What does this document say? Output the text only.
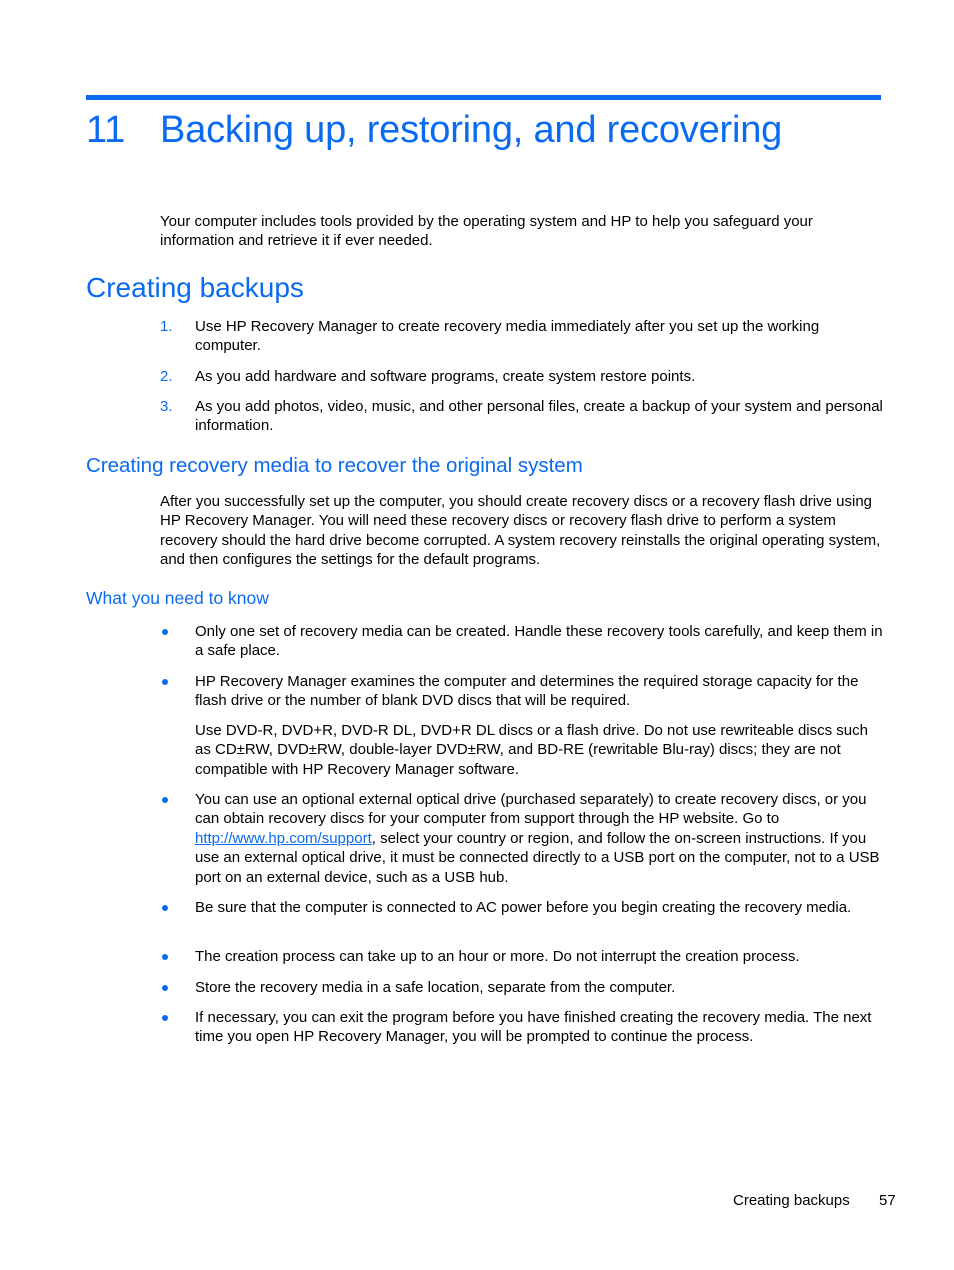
11 Backing up, restoring, and recovering

Your computer includes tools provided by the operating system and HP to help you safeguard your information and retrieve it if ever needed.

Creating backups
1. Use HP Recovery Manager to create recovery media immediately after you set up the working computer.

2. As you add hardware and software programs, create system restore points.

3. As you add photos, video, music, and other personal files, create a backup of your system and personal information.

Creating recovery media to recover the original system

After you successfully set up the computer, you should create recovery discs or a recovery flash drive using HP Recovery Manager. You will need these recovery discs or recovery flash drive to perform a system recovery should the hard drive become corrupted. A system recovery reinstalls the original operating system, and then configures the settings for the default programs.

What you need to know

Only one set of recovery media can be created. Handle these recovery tools carefully, and keep them in a safe place.

HP Recovery Manager examines the computer and determines the required storage capacity for the flash drive or the number of blank DVD discs that will be required.

Use DVD-R, DVD+R, DVD-R DL, DVD+R DL discs or a flash drive. Do not use rewriteable discs such as CD±RW, DVD±RW, double-layer DVD±RW, and BD-RE (rewritable Blu-ray) discs; they are not compatible with HP Recovery Manager software.

You can use an optional external optical drive (purchased separately) to create recovery discs, or you can obtain recovery discs for your computer from support through the HP website. Go to http://www.hp.com/support, select your country or region, and follow the on-screen instructions. If you use an external optical drive, it must be connected directly to a USB port on the computer, not to a USB port on an external device, such as a USB hub.

Be sure that the computer is connected to AC power before you begin creating the recovery media.

The creation process can take up to an hour or more. Do not interrupt the creation process.

Store the recovery media in a safe location, separate from the computer.

If necessary, you can exit the program before you have finished creating the recovery media. The next time you open HP Recovery Manager, you will be prompted to continue the process.

Creating backups 57
